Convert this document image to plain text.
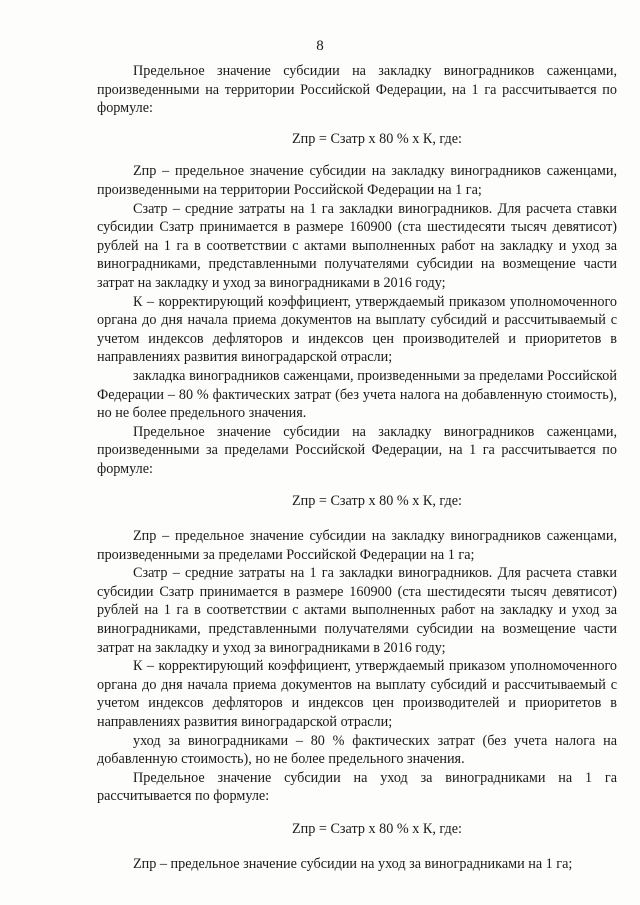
8

Предельное значение субсидии на закладку виноградников саженцами, произведенными на территории Российской Федерации, на 1 га рассчитывается по формуле:

Zпр = Сзатр х 80 % х К, где:

Zпр – предельное значение субсидии на закладку виноградников саженцами, произведенными на территории Российской Федерации на 1 га;

Сзатр – средние затраты на 1 га закладки виноградников. Для расчета ставки субсидии Сзатр принимается в размере 160900 (ста шестидесяти тысяч девятисот) рублей на 1 га в соответствии с актами выполненных работ на закладку и уход за виноградниками, представленными получателями субсидии на возмещение части затрат на закладку и уход за виноградниками в 2016 году;

К – корректирующий коэффициент, утверждаемый приказом уполномоченного органа до дня начала приема документов на выплату субсидий и рассчитываемый с учетом индексов дефляторов и индексов цен производителей и приоритетов в направлениях развития виноградарской отрасли;

закладка виноградников саженцами, произведенными за пределами Российской Федерации – 80 % фактических затрат (без учета налога на добавленную стоимость), но не более предельного значения.

Предельное значение субсидии на закладку виноградников саженцами, произведенными за пределами Российской Федерации, на 1 га рассчитывается по формуле:

Zпр = Сзатр х 80 % х К, где:

Zпр – предельное значение субсидии на закладку виноградников саженцами, произведенными за пределами Российской Федерации на 1 га;

Сзатр – средние затраты на 1 га закладки виноградников. Для расчета ставки субсидии Сзатр принимается в размере 160900 (ста шестидесяти тысяч девятисот) рублей на 1 га в соответствии с актами выполненных работ на закладку и уход за виноградниками, представленными получателями субсидии на возмещение части затрат на закладку и уход за виноградниками в 2016 году;

К – корректирующий коэффициент, утверждаемый приказом уполномоченного органа до дня начала приема документов на выплату субсидий и рассчитываемый с учетом индексов дефляторов и индексов цен производителей и приоритетов в направлениях развития виноградарской отрасли;

уход за виноградниками – 80 % фактических затрат (без учета налога на добавленную стоимость), но не более предельного значения.

Предельное значение субсидии на уход за виноградниками на 1 га рассчитывается по формуле:

Zпр = Сзатр х 80 % х К, где:

Zпр – предельное значение субсидии на уход за виноградниками на 1 га;
